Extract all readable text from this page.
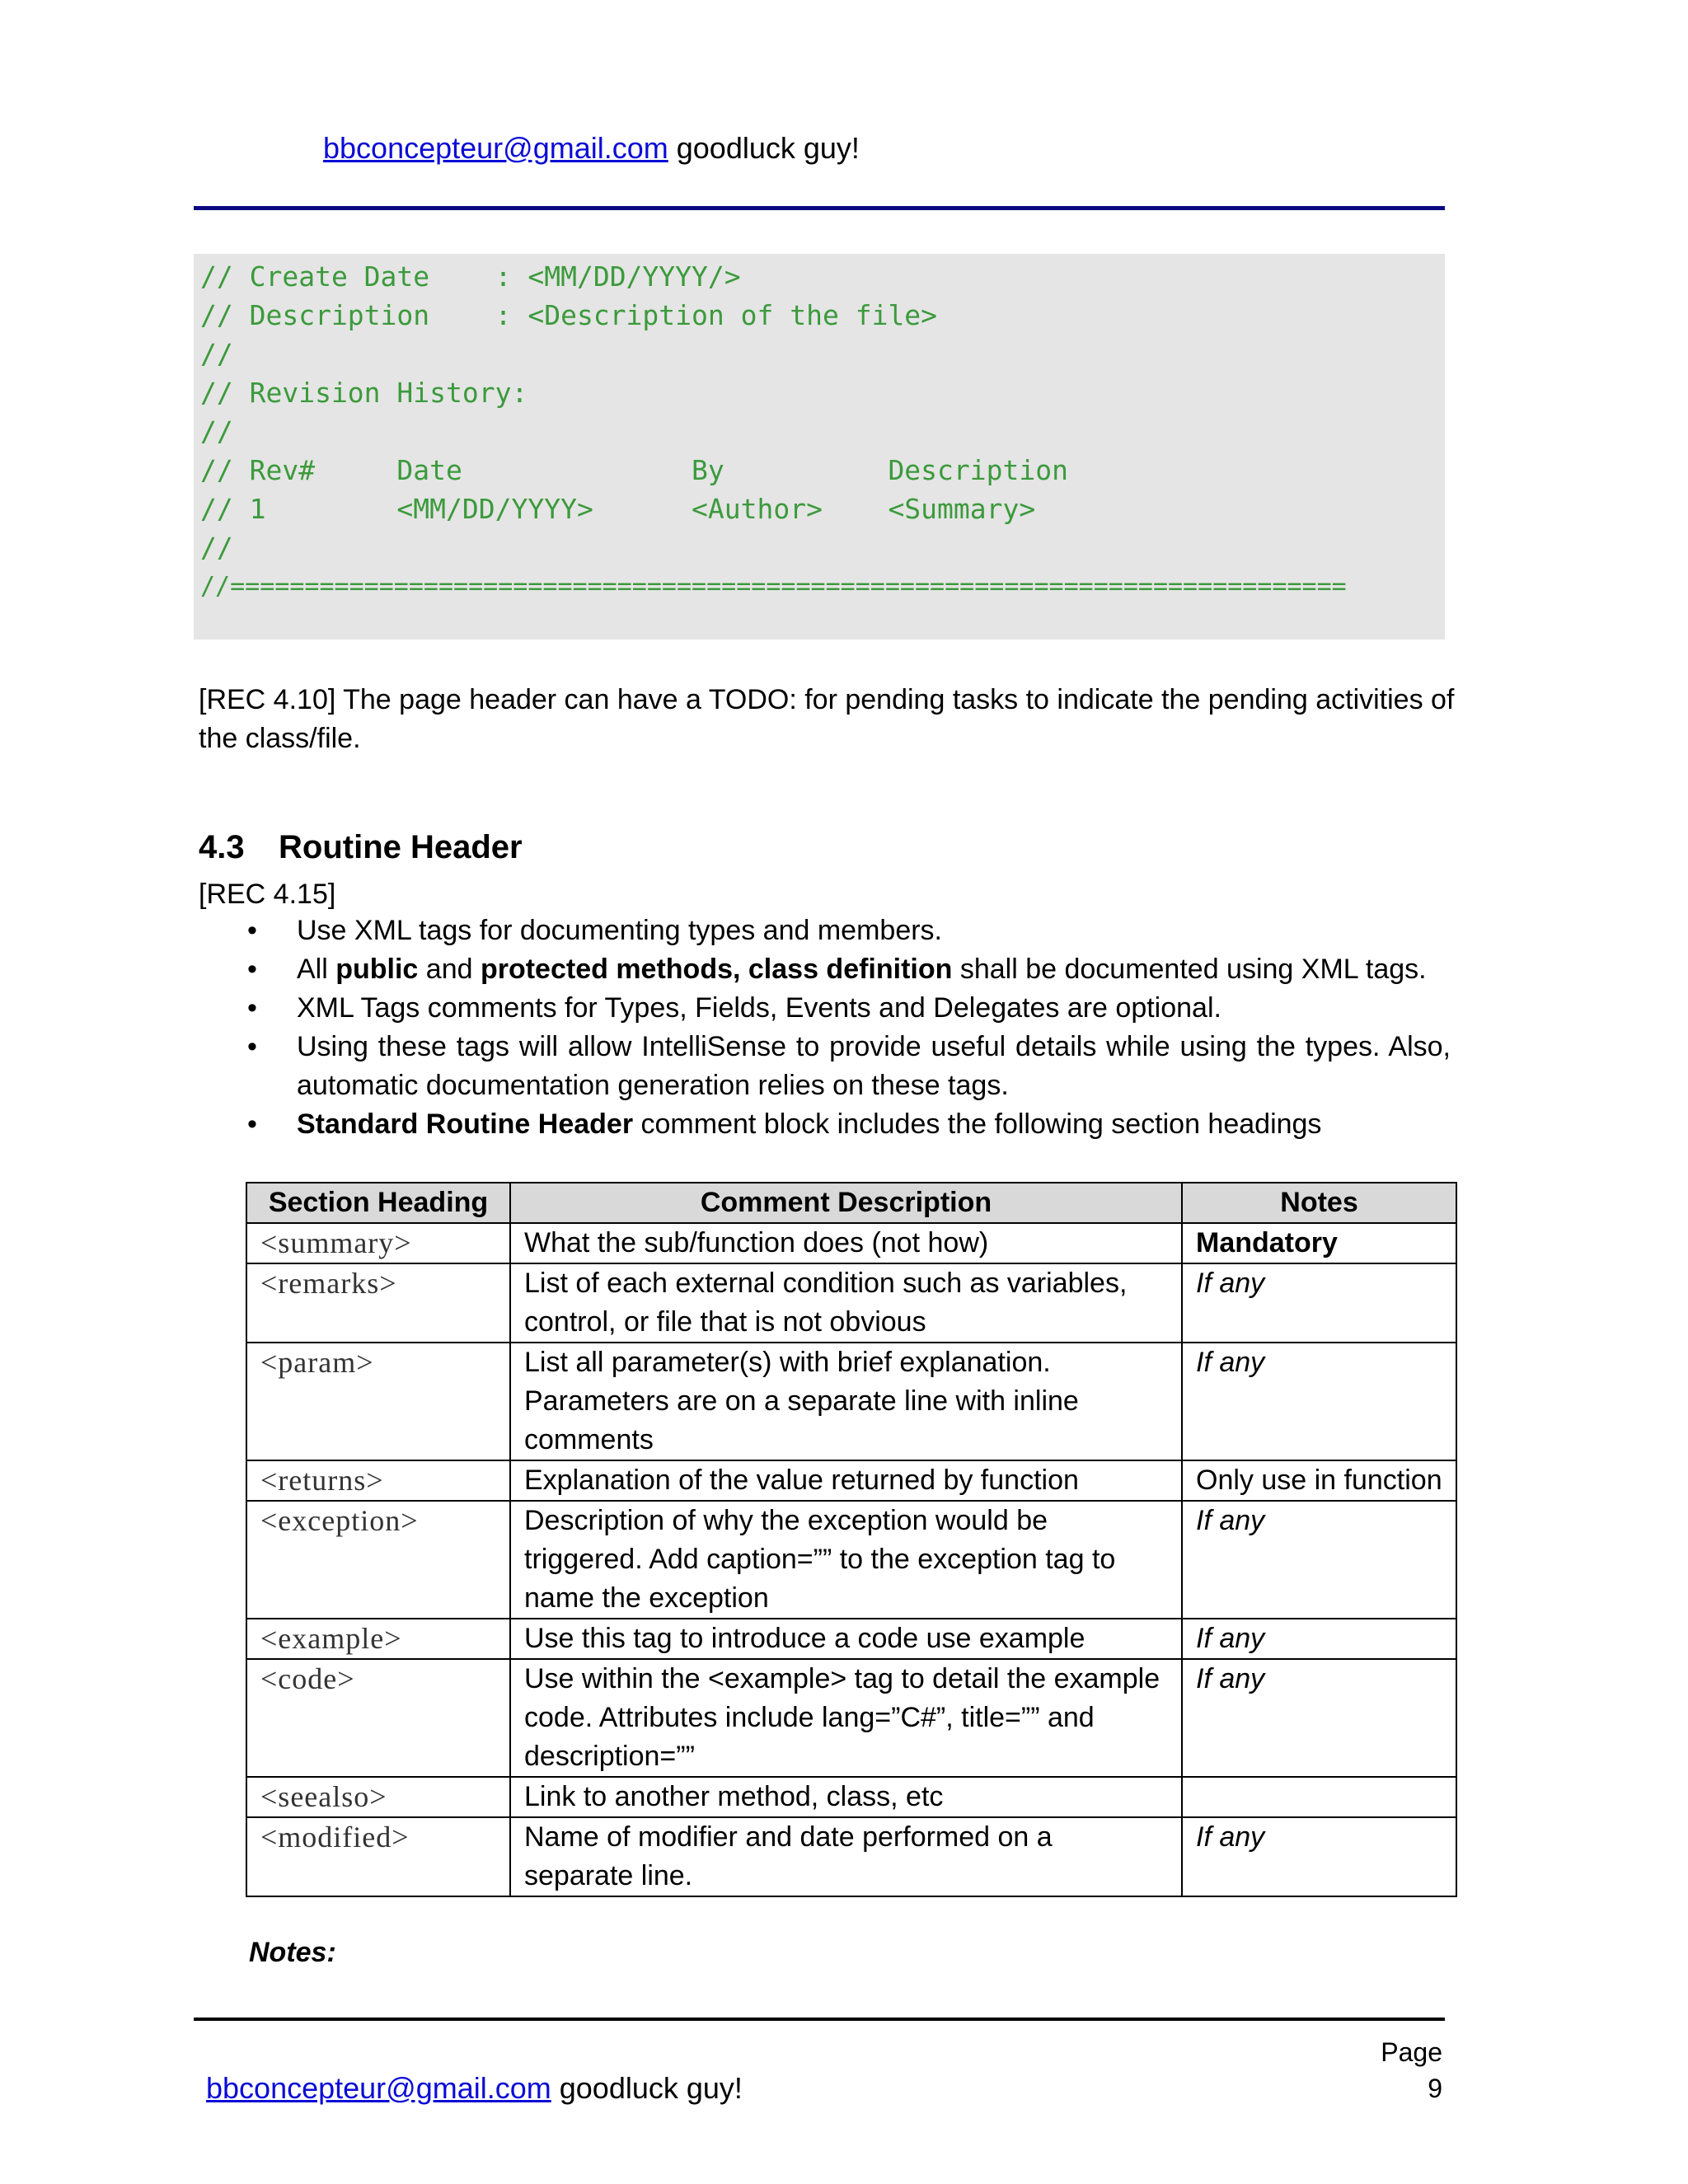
bbconcepteur@gmail.com goodluck guy!
// Create Date    : <MM/DD/YYYY/>
// Description    : <Description of the file>
//
// Revision History:
//
// Rev#     Date              By          Description
// 1        <MM/DD/YYYY>      <Author>    <Summary>
//
//===========================================================================
[REC 4.10] The page header can have a TODO: for pending tasks to indicate the pending activities of
the class/file.
4.3 Routine Header
[REC 4.15]
• Use XML tags for documenting types and members.
• All public and protected methods, class definition shall be documented using XML tags.
• XML Tags comments for Types, Fields, Events and Delegates are optional.
• Using these tags will allow IntelliSense to provide useful details while using the types. Also, automatic documentation generation relies on these tags.
• Standard Routine Header comment block includes the following section headings
Section Heading	Comment Description	Notes
<summary>	What the sub/function does (not how)	Mandatory
<remarks>	List of each external condition such as variables, control, or file that is not obvious	If any
<param>	List all parameter(s) with brief explanation. Parameters are on a separate line with inline comments	If any
<returns>	Explanation of the value returned by function	Only use in function
<exception>	Description of why the exception would be triggered. Add caption=”” to the exception tag to name the exception	If any
<example>	Use this tag to introduce a code use example	If any
<code>	Use within the <example> tag to detail the example code. Attributes include lang=”C#”, title=”” and description=””	If any
<seealso>	Link to another method, class, etc	
<modified>	Name of modifier and date performed on a separate line.	If any
Notes:
Page 9
bbconcepteur@gmail.com goodluck guy!
